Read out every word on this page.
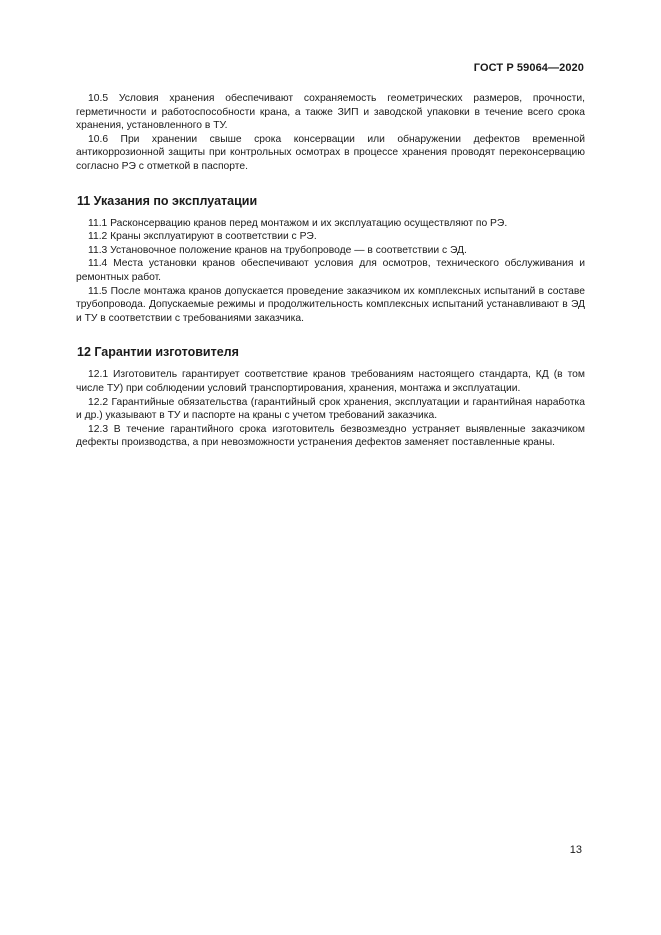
ГОСТ Р 59064—2020

10.5 Условия хранения обеспечивают сохраняемость геометрических размеров, прочности, герметичности и работоспособности крана, а также ЗИП и заводской упаковки в течение всего срока хранения, установленного в ТУ.

10.6 При хранении свыше срока консервации или обнаружении дефектов временной антикоррозионной защиты при контрольных осмотрах в процессе хранения проводят переконсервацию согласно РЭ с отметкой в паспорте.

11 Указания по эксплуатации

11.1 Расконсервацию кранов перед монтажом и их эксплуатацию осуществляют по РЭ.

11.2 Краны эксплуатируют в соответствии с РЭ.

11.3 Установочное положение кранов на трубопроводе — в соответствии с ЭД.

11.4 Места установки кранов обеспечивают условия для осмотров, технического обслуживания и ремонтных работ.

11.5 После монтажа кранов допускается проведение заказчиком их комплексных испытаний в составе трубопровода. Допускаемые режимы и продолжительность комплексных испытаний устанавливают в ЭД и ТУ в соответствии с требованиями заказчика.

12 Гарантии изготовителя

12.1 Изготовитель гарантирует соответствие кранов требованиям настоящего стандарта, КД (в том числе ТУ) при соблюдении условий транспортирования, хранения, монтажа и эксплуатации.

12.2 Гарантийные обязательства (гарантийный срок хранения, эксплуатации и гарантийная наработка и др.) указывают в ТУ и паспорте на краны с учетом требований заказчика.

12.3 В течение гарантийного срока изготовитель безвозмездно устраняет выявленные заказчиком дефекты производства, а при невозможности устранения дефектов заменяет поставленные краны.

13
